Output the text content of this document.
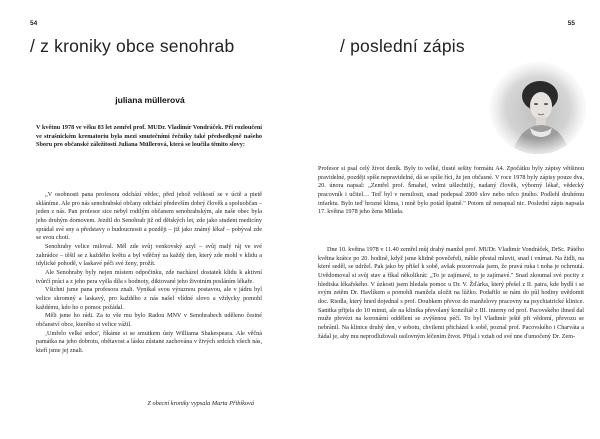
54
/ z kroniky obce senohrab
juliana müllerová

V květnu 1978 ve věku 83 let zemřel prof. MUDr. Vladimír Vondráček. Při rozloučení ve strašnickém krematoriu byla mezi smutečními řečníky také předsedkyně našeho Sboru pro občanské záležitosti Juliana Müllerová, která se loučila těmito slovy:

„V osobnosti pana profesora odchází vědec, před jehož velikostí se v úctě a pietě skláníme. Ale pro nás senohrabské občany odchází především dobrý člověk a spoluobčan – jeden z nás. Pan profesor sice nebyl rodilým občanem senohrabským, ale naše obec byla jeho druhým domovem. Jezdil do Senohrab již od dětských let, zde jako student medicíny sprádal své sny a představy o budoucnosti a později – již jako známý lékař – pobýval zde se svou chotí.

Senohraby velice miloval. Měl zde svůj venkovský azyl – svůj malý ráj ve své zahrádce – těšil se z každého květu a byl vděčný za každý den, který zde mohl v klidu a idylické pohodě, v laskavé péči své ženy, prožít.

Ale Senohraby byly nejen místem odpočinku, zde nacházel dostatek klidu k aktivní tvůrčí práci a z jeho pera vyšla díla s hodnoty, diktované jeho životním posláním lékaře.

Všichni jsme pana profesora znali. Vynikal svou výraznou postavou, ale v jádru byl velice skromný a laskavý, pro každého z nás našel vlídné slovo a vždycky pomohl každému, kdo ho o pomoc požádal.

Měli jsme ho rádi. Za to vše mu bylo Radou MNV v Senohrabech uděleno čestné občanství obce, kterého si velice vážil.

‚Umřelo velké srdce', říkáme si se smutkem ústy Williama Shakespeara. Ale věčná památka na jeho dobrotu, obětavost a lásku zůstane zachována v živých srdcích všech nás, kteří jsme jej znali.

Z obecní kroniky vypsala Marta Přibíková
55
/ poslední zápis

Profesor si psal celý život deník. Byly to velké, tlusté sešity formátu A4. Zpočátku byly zápisy většinou pravidelné, později spíše nepravidelné, dá se spíše říci, že jen občasné. V roce 1978 byly zápisy pouze dva, 20. února napsal: „Zemřel prof. Šmahel, velmi ušlechtilý, nadaný člověk, výborný lékař, vědecký pracovník i učitel… Teď byl v nemilosti, snad podepsal 2000 slov nebo něco jiného. Podlehl druhému infarktu. Bylo teď hrozné klima, i mně bylo potád špatně." Potom už nenapsal nic. Poslední zápis napsala 17. května 1978 jeho žena Milada.

Dne 10. května 1978 v 11.40 zemřel můj drahý manžel prof. MUDr. Vladimír Vondráček, DrSc. Pátého května krátce po 20. hodině, když jsme klidně povečeřeli, náhle přestal mluvit, snad i vnímat. Na židli, na které seděl, se udržel. Pak jako by přišel k sobě, avšak pozorovala jsem, že pravá ruka i noha je ochrnutá. Uvědomoval si svůj stav a říkal několikrát: „To je zajímavé, to je zajímavé." Snad zkoumal své pocity z hlediska lékařského. V úzkosti jsem hledala pomoc u Dr. V. Žďárka, který přešel z II. patra, kde bydlí i se svým zetěm Dr. Havlíkem a pomohli manžela uložit na lůžko. Podařilo se nám do půl hodiny uvědomit doc. Riedla, který hned dojednal s prof. Doubkem převoz do manželovy pracovny na psychiatrické klinice. Sanitka přijela do 10 minut, ale na klinika převolaný konziliář z III. interny od prof. Pacovského ihned dal muže převézt na koronární oddělení se zvýšenou péčí. To byl Vladimír ještě při vědomí, převozu se nebránil. Na klinice druhý den, v sobotu, chvilemi přicházel k sobě, poznal prof. Pacovského i Charváta a žádal je, aby mu neprodlužovali usilovným léčením život. Přijal i vztah od své nne ďumočený Dr. Zem-
